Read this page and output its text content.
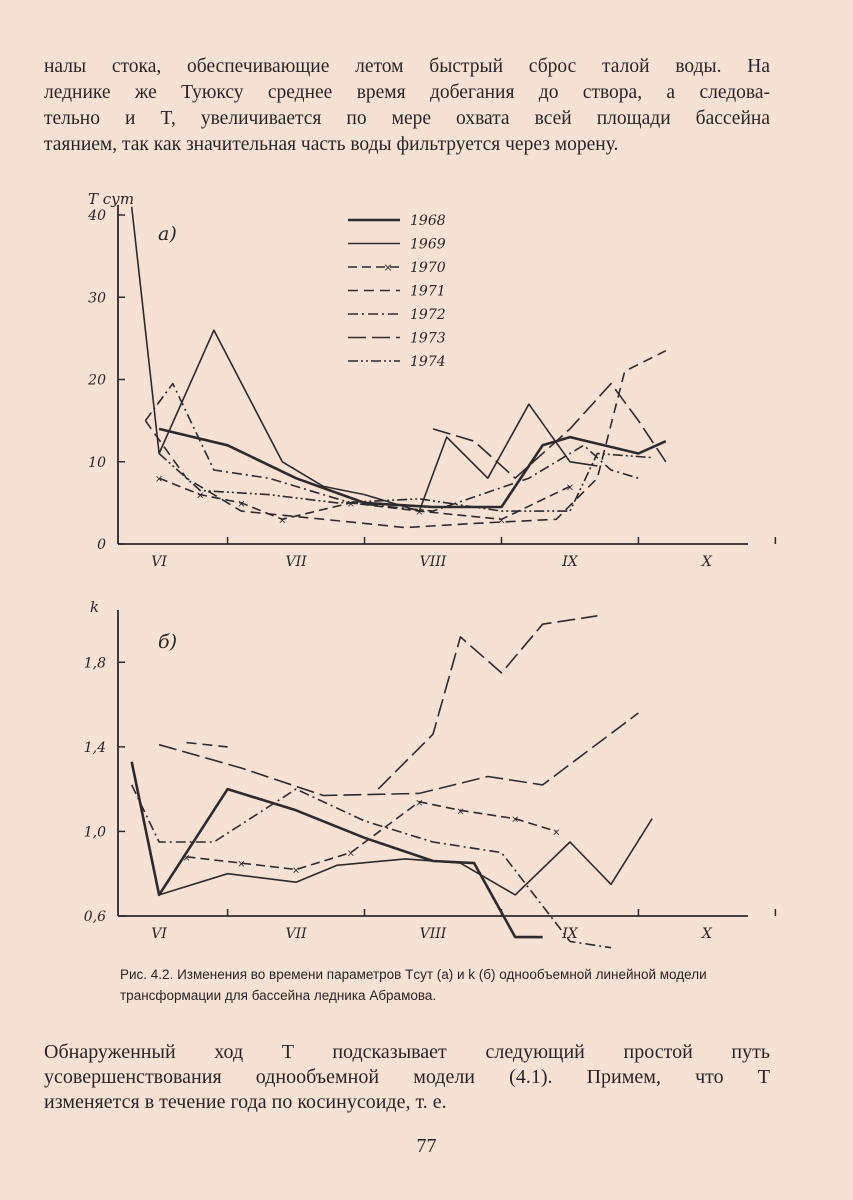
налы стока, обеспечивающие летом быстрый сброс талой воды. На
леднике же Туюксу среднее время добегания до створа, а следова-
тельно и T, увеличивается по мере охвата всей площади бассейна
таянием, так как значительная часть воды фильтруется через морену.
0
10
20
30
40
VI	VII	VIII	IX	X
T сут
а)
×
×
×
×
×
×
×
×
1968
1969
× 1970
1971
1972
1973
1974
0,6
1,0
1,4
1,8
VI	VII	VIII	IX	X
k
б)
×
×
×
×
×
×
×
×
Рис. 4.2. Изменения во времени параметров Tсут (а) и k (б) однообъемной линейной модели трансформации для бассейна ледника Абрамова.
Обнаруженный ход T подсказывает следующий простой путь
усовершенствования однообъемной модели (4.1). Примем, что T
изменяется в течение года по косинусоиде, т. е.
77
